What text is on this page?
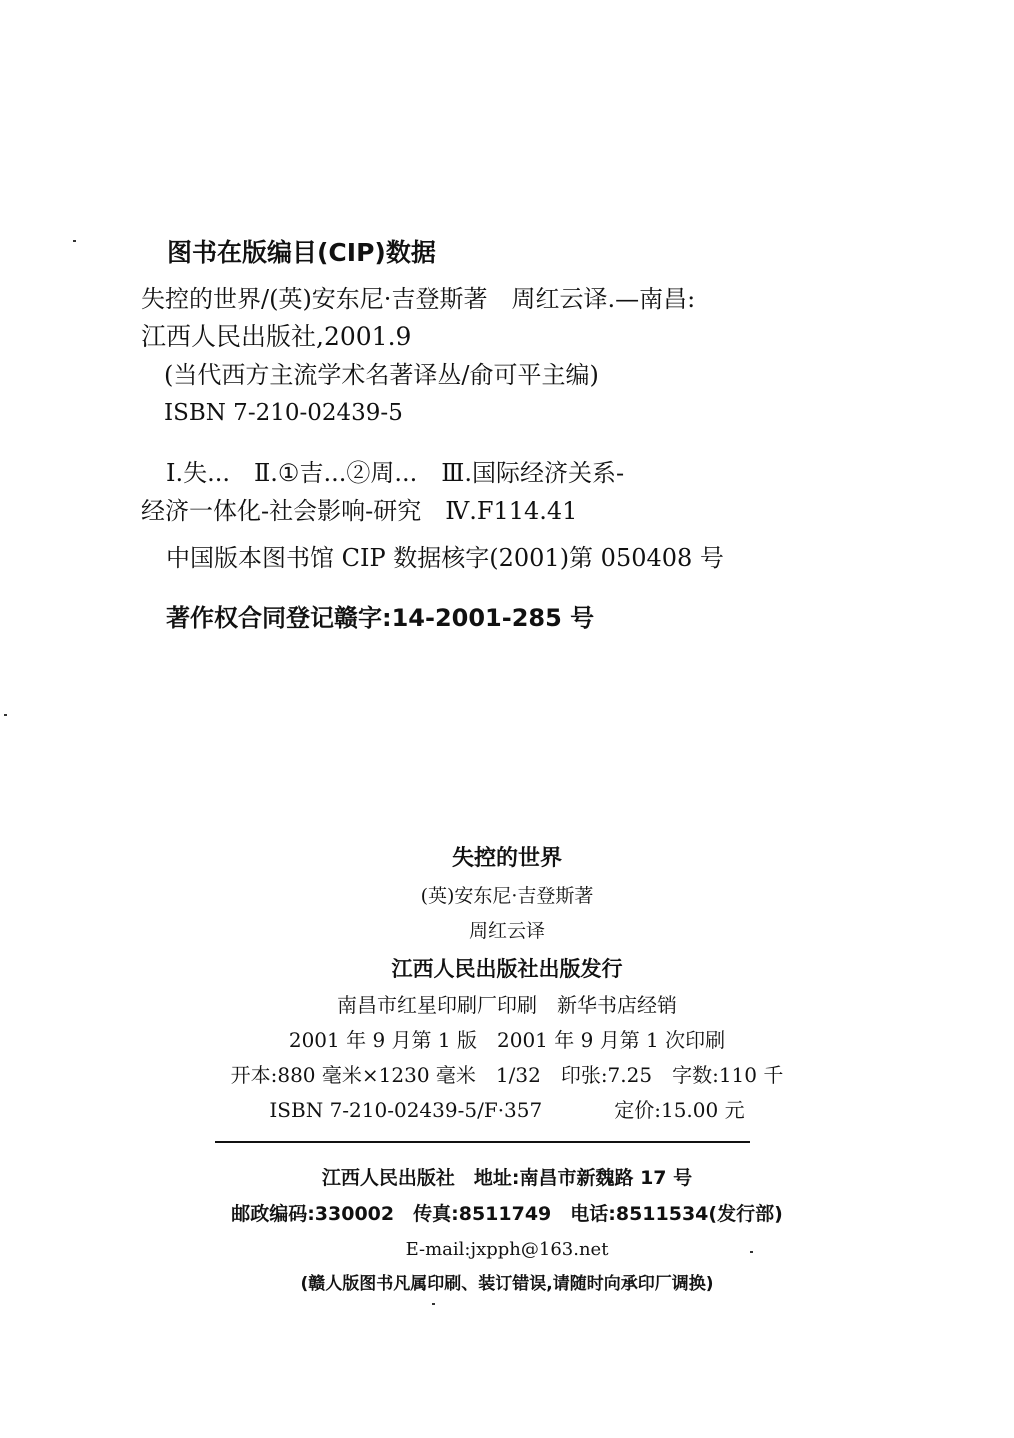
图书在版编目(CIP)数据
失控的世界/(英)安东尼·吉登斯著　周红云译.—南昌:
江西人民出版社,2001.9
(当代西方主流学术名著译丛/俞可平主编)
ISBN 7-210-02439-5
Ⅰ.失...　Ⅱ.①吉...②周...　Ⅲ.国际经济关系-
经济一体化-社会影响-研究　Ⅳ.F114.41
中国版本图书馆 CIP 数据核字(2001)第 050408 号
著作权合同登记赣字:14-2001-285 号
失控的世界
(英)安东尼·吉登斯著
周红云译
江西人民出版社出版发行
南昌市红星印刷厂印刷　新华书店经销
2001 年 9 月第 1 版　2001 年 9 月第 1 次印刷
开本:880 毫米×1230 毫米　1/32　印张:7.25　字数:110 千
ISBN 7-210-02439-5/F·357	定价:15.00 元
江西人民出版社　地址:南昌市新魏路 17 号
邮政编码:330002　传真:8511749　电话:8511534(发行部)
E-mail:jxpph@163.net
(赣人版图书凡属印刷、装订错误,请随时向承印厂调换)
